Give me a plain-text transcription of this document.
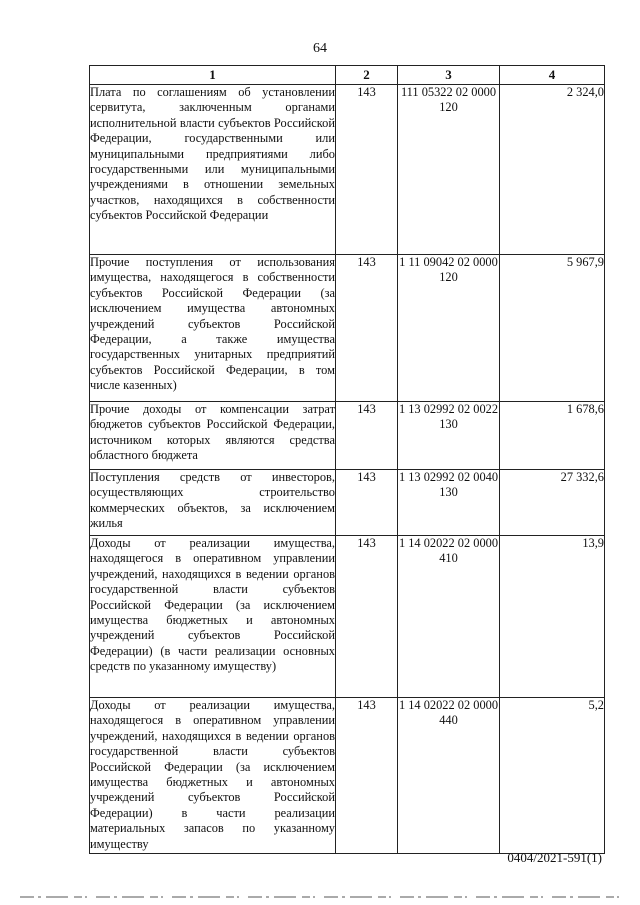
64
1	2	3	4
Плата по соглашениям об установлении сервитута, заключенным органами исполнительной власти субъектов Российской Федерации, государственными или муниципальными предприятиями либо государственными или муниципальными учреждениями в отношении земельных участков, находящихся в собственности субъектов Российской Федерации	143	111 05322 02 0000 120	2 324,0
Прочие поступления от использования имущества, находящегося в собственности субъектов Российской Федерации (за исключением имущества автономных учреждений субъектов Российской Федерации, а также имущества государственных унитарных предприятий субъектов Российской Федерации, в том числе казенных)	143	1 11 09042 02 0000 120	5 967,9
Прочие доходы от компенсации затрат бюджетов субъектов Российской Федерации, источником которых являются средства областного бюджета	143	1 13 02992 02 0022 130	1 678,6
Поступления средств от инвесторов, осуществляющих строительство коммерческих объектов, за исключением жилья	143	1 13 02992 02 0040 130	27 332,6
Доходы от реализации имущества, находящегося в оперативном управлении учреждений, находящихся в ведении органов государственной власти субъектов Российской Федерации (за исключением имущества бюджетных и автономных учреждений субъектов Российской Федерации) (в части реализации основных средств по указанному имуществу)	143	1 14 02022 02 0000 410	13,9
Доходы от реализации имущества, находящегося в оперативном управлении учреждений, находящихся в ведении органов государственной власти субъектов Российской Федерации (за исключением имущества бюджетных и автономных учреждений субъектов Российской Федерации) в части реализации материальных запасов по указанному имуществу	143	1 14 02022 02 0000 440	5,2
0404/2021-591(1)
